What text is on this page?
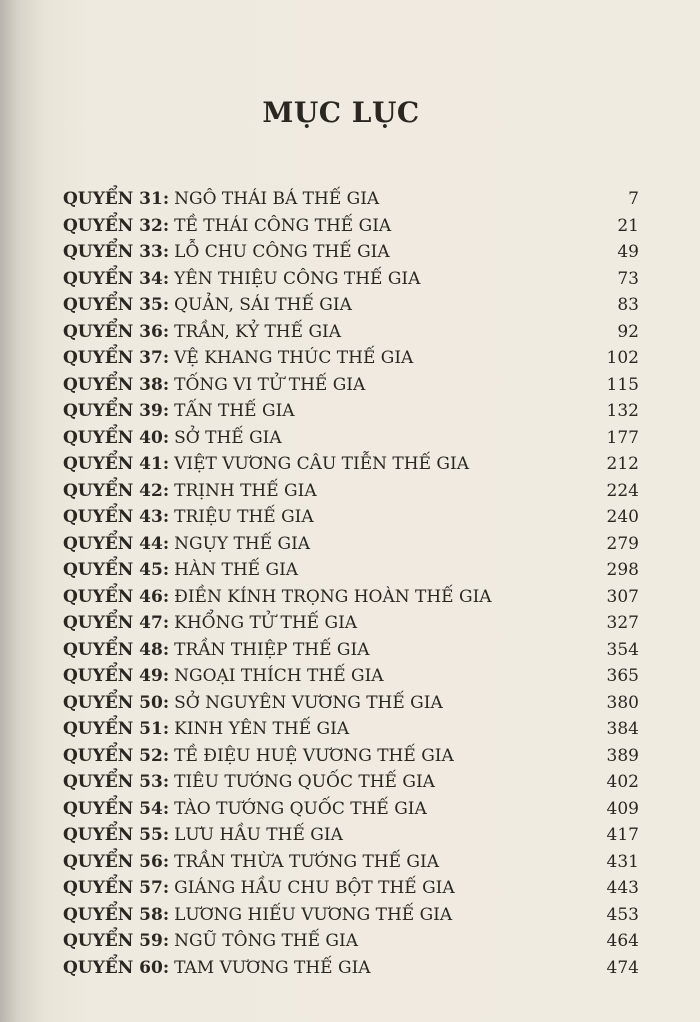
MỤC LỤC
QUYỂN 31: NGÔ THÁI BÁ THẾ GIA	7
QUYỂN 32: TỀ THÁI CÔNG THẾ GIA	21
QUYỂN 33: LỖ CHU CÔNG THẾ GIA	49
QUYỂN 34: YÊN THIỆU CÔNG THẾ GIA	73
QUYỂN 35: QUẢN, SÁI THẾ GIA	83
QUYỂN 36: TRẦN, KỶ THẾ GIA	92
QUYỂN 37: VỆ KHANG THÚC THẾ GIA	102
QUYỂN 38: TỐNG VI TỬ THẾ GIA	115
QUYỂN 39: TẤN THẾ GIA	132
QUYỂN 40: SỞ THẾ GIA	177
QUYỂN 41: VIỆT VƯƠNG CÂU TIỄN THẾ GIA	212
QUYỂN 42: TRỊNH THẾ GIA	224
QUYỂN 43: TRIỆU THẾ GIA	240
QUYỂN 44: NGỤY THẾ GIA	279
QUYỂN 45: HÀN THẾ GIA	298
QUYỂN 46: ĐIỀN KÍNH TRỌNG HOÀN THẾ GIA	307
QUYỂN 47: KHỔNG TỬ THẾ GIA	327
QUYỂN 48: TRẦN THIỆP THẾ GIA	354
QUYỂN 49: NGOẠI THÍCH THẾ GIA	365
QUYỂN 50: SỞ NGUYÊN VƯƠNG THẾ GIA	380
QUYỂN 51: KINH YÊN THẾ GIA	384
QUYỂN 52: TỀ ĐIỆU HUỆ VƯƠNG THẾ GIA	389
QUYỂN 53: TIÊU TƯỚNG QUỐC THẾ GIA	402
QUYỂN 54: TÀO TƯỚNG QUỐC THẾ GIA	409
QUYỂN 55: LƯU HẦU THẾ GIA	417
QUYỂN 56: TRẦN THỪA TƯỚNG THẾ GIA	431
QUYỂN 57: GIÁNG HẦU CHU BỘT THẾ GIA	443
QUYỂN 58: LƯƠNG HIẾU VƯƠNG THẾ GIA	453
QUYỂN 59: NGŨ TÔNG THẾ GIA	464
QUYỂN 60: TAM VƯƠNG THẾ GIA	474
